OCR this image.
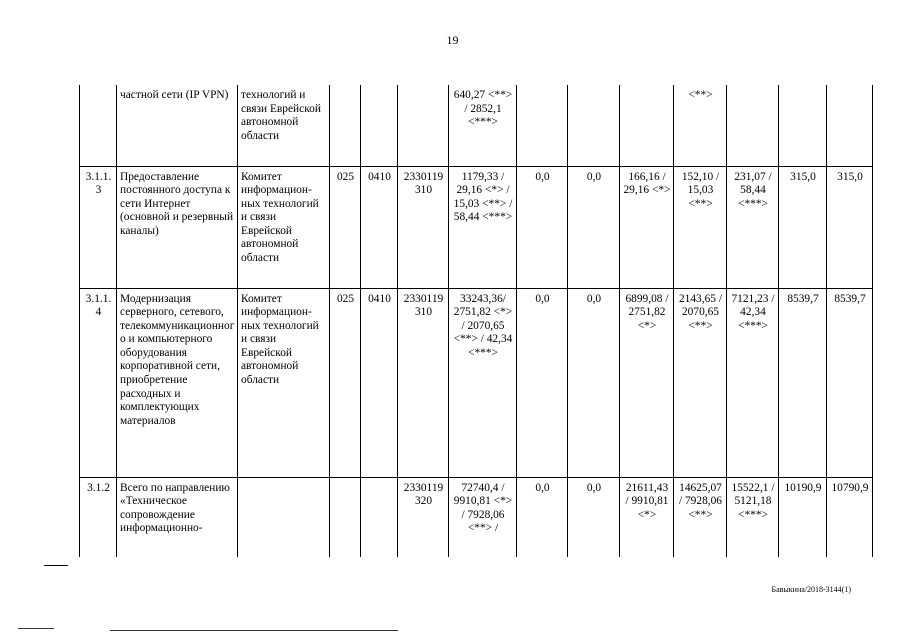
19
	частной сети (IP VPN)	технологий и связи Еврейской автономной области				640,27 <**> / 2852,1 <***>				<**>			
3.1.1.3	Предоставление постоянного доступа к сети Интернет (основной и резервный каналы)	Комитет информацион-ных технологий и связи Еврейской автономной области	025	0410	2330119310	1179,33 / 29,16 <*> / 15,03 <**> / 58,44 <***>	0,0	0,0	166,16 / 29,16 <*>	152,10 / 15,03 <**>	231,07 / 58,44 <***>	315,0	315,0
3.1.1.4	Модернизация серверного, сетевого, телекоммуникационного и компьютерного оборудования корпоративной сети, приобретение расходных и комплектующих материалов	Комитет информацион-ных технологий и связи Еврейской автономной области	025	0410	2330119310	33243,36/ 2751,82 <*> / 2070,65 <**> / 42,34 <***>	0,0	0,0	6899,08 / 2751,82 <*>	2143,65 / 2070,65 <**>	7121,23 / 42,34 <***>	8539,7	8539,7
3.1.2	Всего по направлению «Техническое сопровождение информационно-				2330119320	72740,4 / 9910,81 <*> / 7928,06 <**> /	0,0	0,0	21611,43 / 9910,81 <*>	14625,07 / 7928,06 <**>	15522,1 / 5121,18 <***>	10190,9	10790,9
Бавыкина/2018-3144(1)
